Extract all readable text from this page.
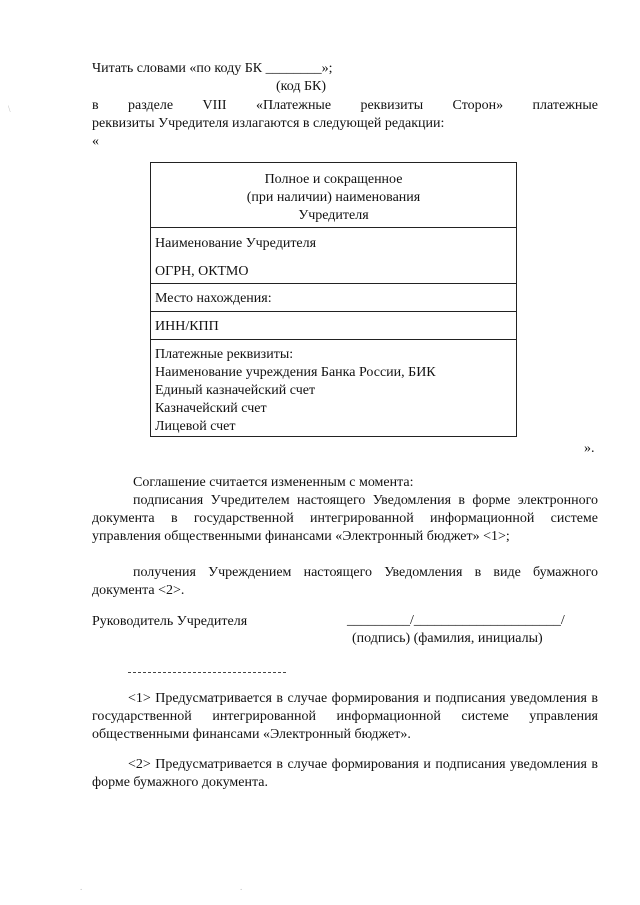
Читать словами «по коду БК ________»;
(код БК)
в разделе VIII «Платежные реквизиты Сторон» платежные
реквизиты Учредителя излагаются в следующей редакции:
«
Полное и сокращенное
(при наличии) наименования
Учредителя
Наименование Учредителя
ОГРН, ОКТМО
Место нахождения:
ИНН/КПП
Платежные реквизиты:
Наименование учреждения Банка России, БИК
Единый казначейский счет
Казначейский счет
Лицевой счет
».
Соглашение считается измененным с момента:
подписания Учредителем настоящего Уведомления в форме электронного документа в государственной интегрированной информационной системе управления общественными финансами «Электронный бюджет» <1>;
получения Учреждением настоящего Уведомления в виде бумажного документа <2>.
Руководитель Учредителя	_________/_____________________/
(подпись) (фамилия, инициалы)
<1> Предусматривается в случае формирования и подписания уведомления в государственной интегрированной информационной системе управления общественными финансами «Электронный бюджет».
<2> Предусматривается в случае формирования и подписания уведомления в форме бумажного документа.
\
.	.
